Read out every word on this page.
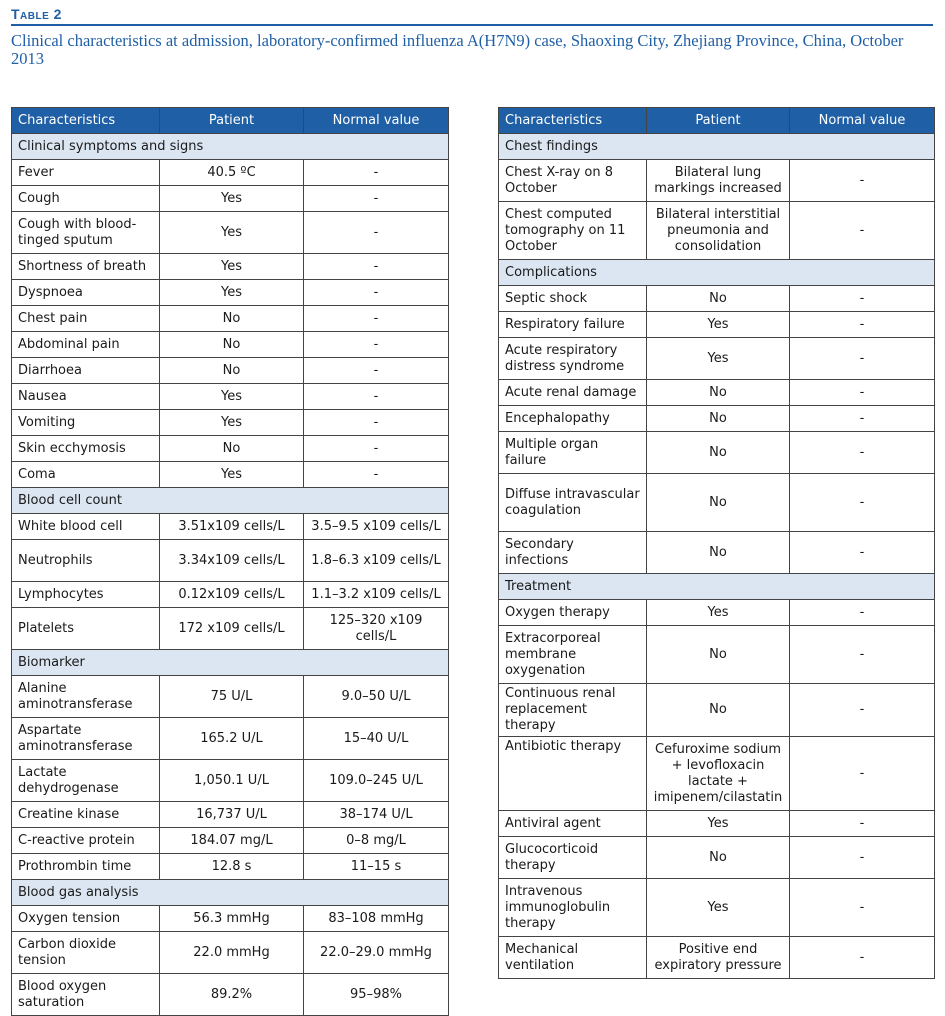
Table 2
Clinical characteristics at admission, laboratory-confirmed influenza A(H7N9) case, Shaoxing City, Zhejiang Province, China, October 2013
Characteristics	Patient	Normal value
Clinical symptoms and signs		
Fever	40.5 ºC	-
Cough	Yes	-
Cough with blood-tinged sputum	Yes	-
Shortness of breath	Yes	-
Dyspnoea	Yes	-
Chest pain	No	-
Abdominal pain	No	-
Diarrhoea	No	-
Nausea	Yes	-
Vomiting	Yes	-
Skin ecchymosis	No	-
Coma	Yes	-
Blood cell count		
White blood cell	3.51x109 cells/L	3.5–9.5 x109 cells/L
Neutrophils	3.34x109 cells/L	1.8–6.3 x109 cells/L
Lymphocytes	0.12x109 cells/L	1.1–3.2 x109 cells/L
Platelets	172 x109 cells/L	125–320 x109 cells/L
Biomarker		
Alanine aminotransferase	75 U/L	9.0–50 U/L
Aspartate aminotransferase	165.2 U/L	15–40 U/L
Lactate dehydrogenase	1,050.1 U/L	109.0–245 U/L
Creatine kinase	16,737 U/L	38–174 U/L
C-reactive protein	184.07 mg/L	0–8 mg/L
Prothrombin time	12.8 s	11–15 s
Blood gas analysis		
Oxygen tension	56.3 mmHg	83–108 mmHg
Carbon dioxide tension	22.0 mmHg	22.0–29.0 mmHg
Blood oxygen saturation	89.2%	95–98%
Characteristics	Patient	Normal value
Chest findings		
Chest X-ray on 8 October	Bilateral lung markings increased	-
Chest computed tomography on 11 October	Bilateral interstitial pneumonia and consolidation	-
Complications		
Septic shock	No	-
Respiratory failure	Yes	-
Acute respiratory distress syndrome	Yes	-
Acute renal damage	No	-
Encephalopathy	No	-
Multiple organ failure	No	-
Diffuse intravascular coagulation	No	-
Secondary infections	No	-
Treatment		
Oxygen therapy	Yes	-
Extracorporeal membrane oxygenation	No	-
Continuous renal replacement therapy	No	-
Antibiotic therapy	Cefuroxime sodium + levofloxacin lactate + imipenem/cilastatin	-
Antiviral agent	Yes	-
Glucocorticoid therapy	No	-
Intravenous immunoglobulin therapy	Yes	-
Mechanical ventilation	Positive end expiratory pressure	-
